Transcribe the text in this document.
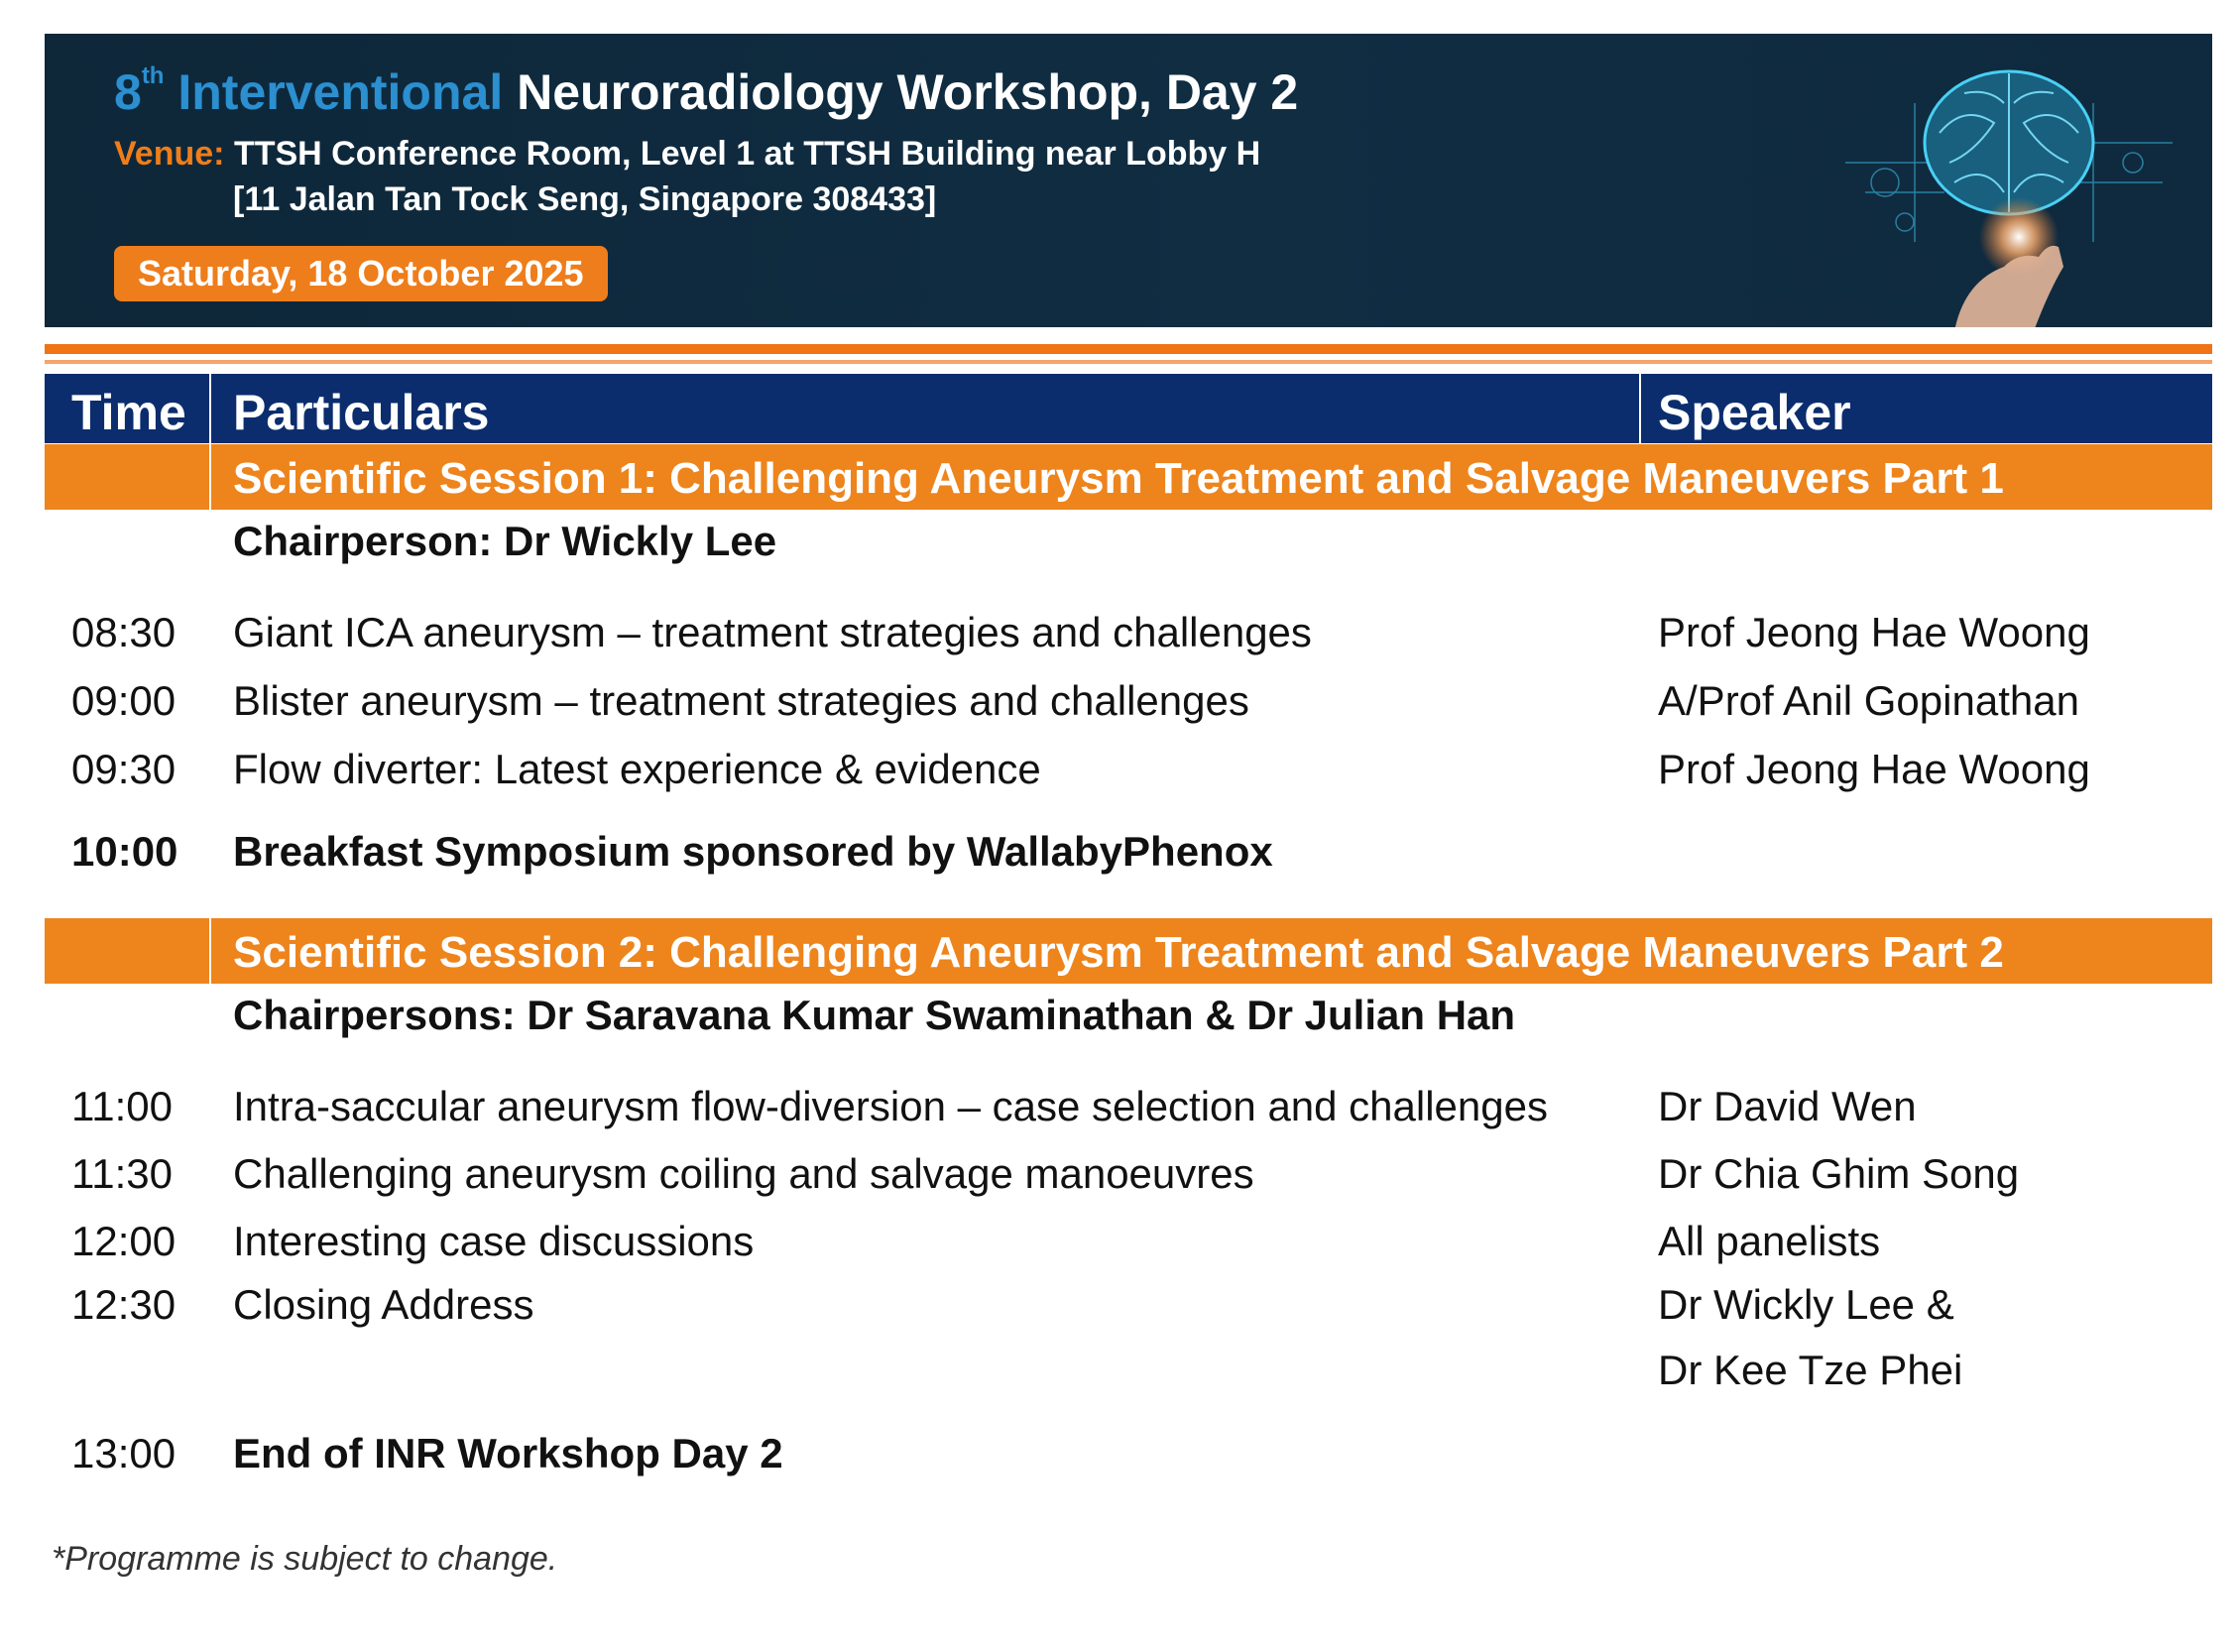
8th Interventional Neuroradiology Workshop, Day 2
Venue: TTSH Conference Room, Level 1 at TTSH Building near Lobby H
[11 Jalan Tan Tock Seng, Singapore 308433]
Saturday, 18 October 2025
Time Particulars	Speaker
Scientific Session 1: Challenging Aneurysm Treatment and Salvage Maneuvers Part 1
Chairperson: Dr Wickly Lee
08:30 Giant ICA aneurysm – treatment strategies and challenges	Prof Jeong Hae Woong
09:00 Blister aneurysm – treatment strategies and challenges	A/Prof Anil Gopinathan
09:30 Flow diverter: Latest experience & evidence	Prof Jeong Hae Woong
10:00 Breakfast Symposium sponsored by WallabyPhenox
Scientific Session 2: Challenging Aneurysm Treatment and Salvage Maneuvers Part 2
Chairpersons: Dr Saravana Kumar Swaminathan & Dr Julian Han
11:00 Intra-saccular aneurysm flow-diversion – case selection and challenges	Dr David Wen
11:30 Challenging aneurysm coiling and salvage manoeuvres	Dr Chia Ghim Song
12:00 Interesting case discussions	All panelists
12:30 Closing Address	Dr Wickly Lee &
Dr Kee Tze Phei
13:00 End of INR Workshop Day 2
*Programme is subject to change.
